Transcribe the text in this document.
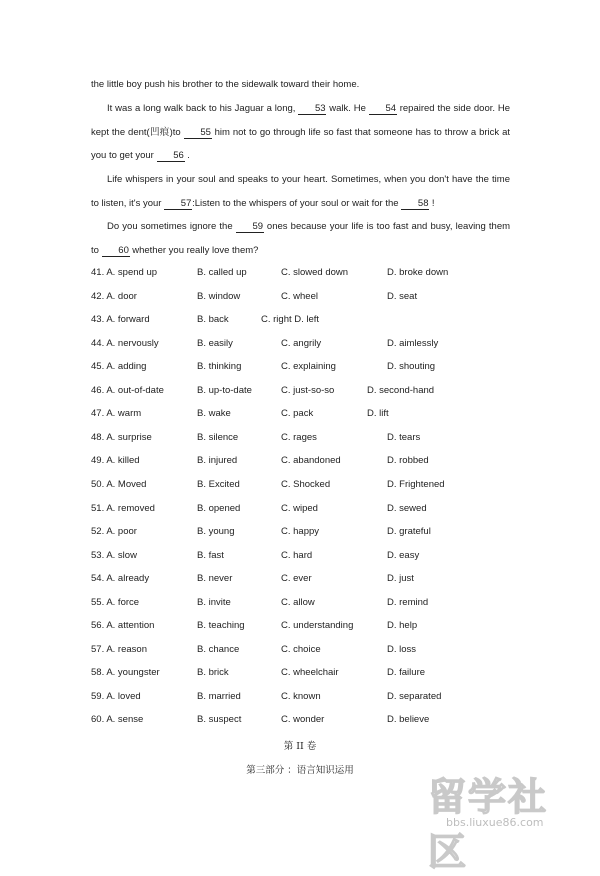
the little boy push his brother to the sidewalk toward their home.

It was a long walk back to his Jaguar a long, 53 walk. He 54 repaired the side door. He kept the dent(凹痕)to 55 him not to go through life so fast that someone has to throw a brick at you to get your 56 .

Life whispers in your soul and speaks to your heart. Sometimes, when you don't have the time to listen, it's your 57:Listen to the whispers of your soul or wait for the 58 !

Do you sometimes ignore the 59 ones because your life is too fast and busy, leaving them to 60 whether you really love them?

41. A. spend up	B. called up	C. slowed down	D. broke down
42. A. door	B. window	C. wheel	D. seat
43. A. forward	B. back	C. right D. left
44. A. nervously	B. easily	C. angrily	D. aimlessly
45. A. adding	B. thinking	C. explaining	D. shouting
46. A. out-of-date	B. up-to-date	C. just-so-so	D. second-hand
47. A. warm	B. wake	C. pack	D. lift
48. A. surprise	B. silence	C. rages	D. tears
49. A. killed	B. injured	C. abandoned	D. robbed
50. A. Moved	B. Excited	C. Shocked	D. Frightened
51. A. removed	B. opened	C. wiped	D. sewed
52. A. poor	B. young	C. happy	D. grateful
53. A. slow	B. fast	C. hard	D. easy
54. A. already	B. never	C. ever	D. just
55. A. force	B. invite	C. allow	D. remind
56. A. attention	B. teaching	C. understanding	D. help
57. A. reason	B. chance	C. choice	D. loss
58. A. youngster	B. brick	C. wheelchair	D. failure
59. A. loved	B. married	C. known	D. separated
60. A. sense	B. suspect	C. wonder	D. believe
第 II 卷
第三部分 ：语言知识运用
留学社区
bbs.liuxue86.com
